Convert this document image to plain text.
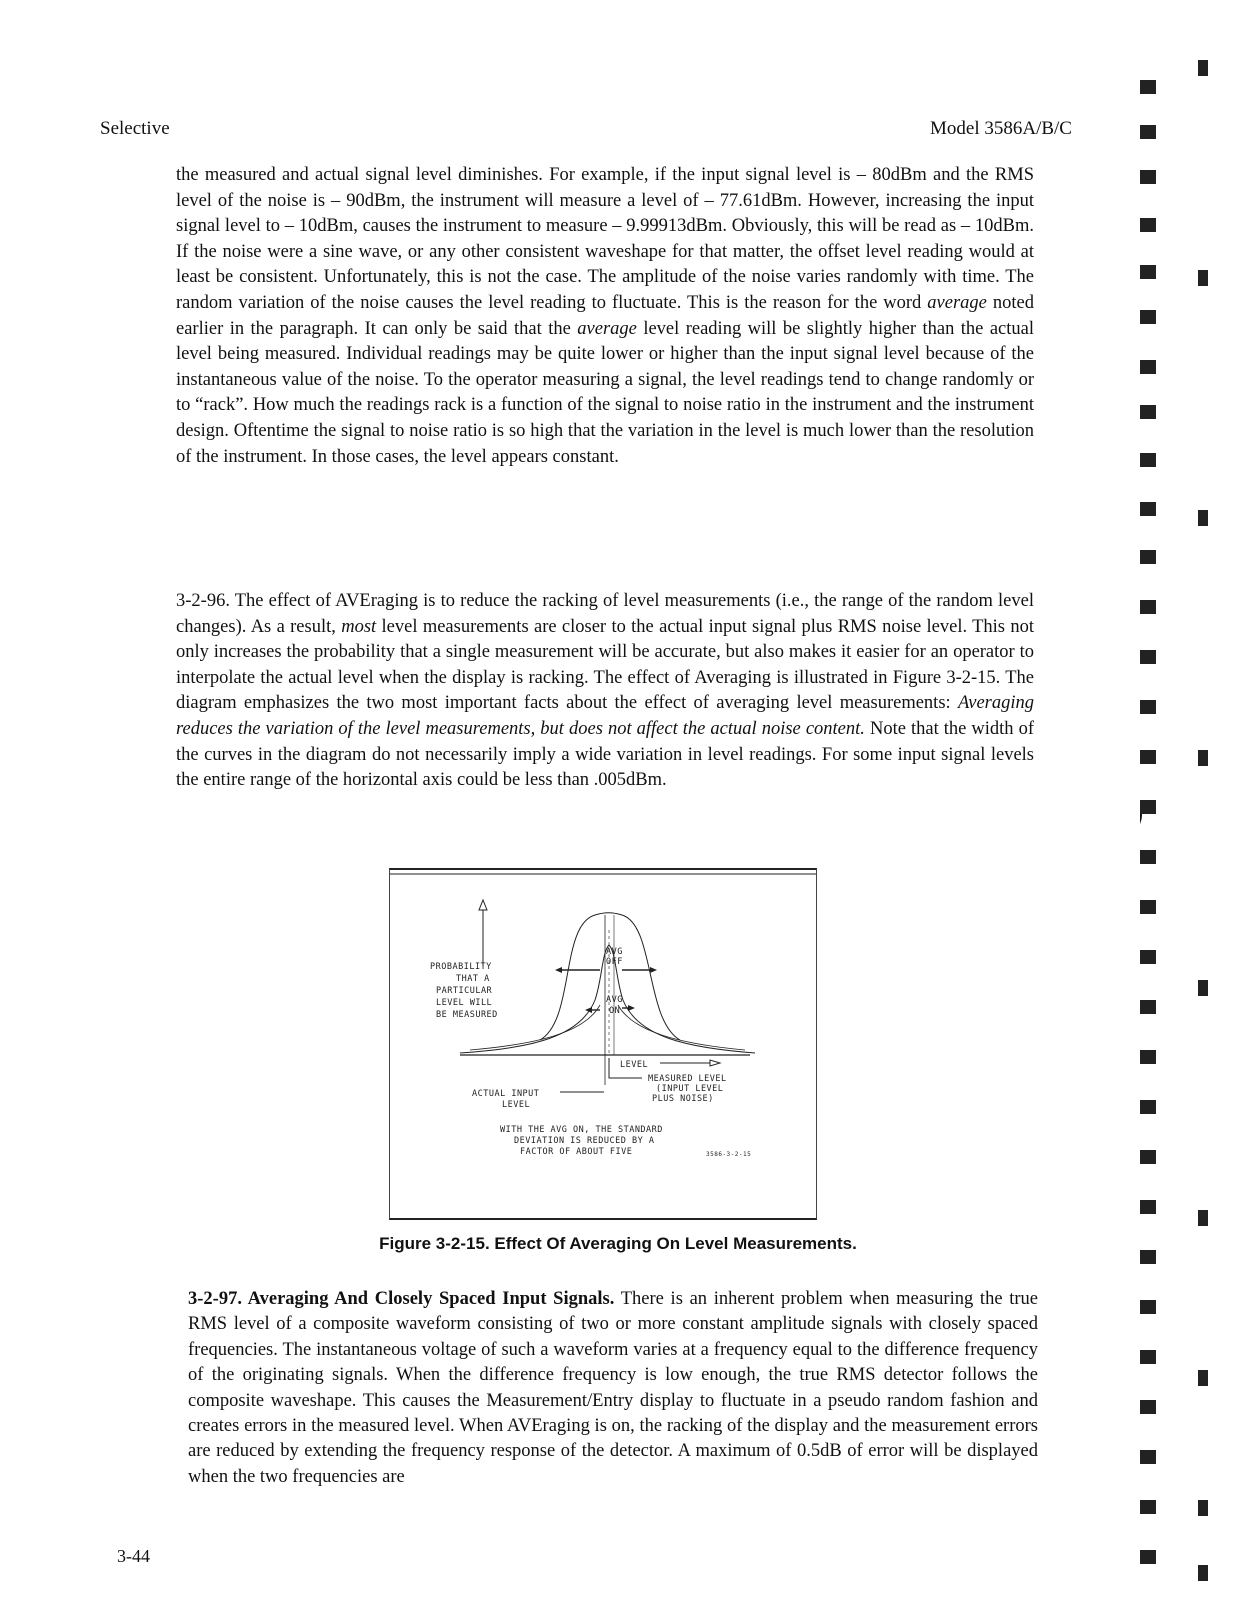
Selective	Model 3586A/B/C

the measured and actual signal level diminishes. For example, if the input signal level is – 80dBm and the RMS level of the noise is – 90dBm, the instrument will measure a level of – 77.61dBm. However, increasing the input signal level to – 10dBm, causes the instrument to measure – 9.99913dBm. Obviously, this will be read as – 10dBm. If the noise were a sine wave, or any other consistent waveshape for that matter, the offset level reading would at least be consistent. Unfortunately, this is not the case. The amplitude of the noise varies randomly with time. The random variation of the noise causes the level reading to fluctuate. This is the reason for the word average noted earlier in the paragraph. It can only be said that the average level reading will be slightly higher than the actual level being measured. Individual readings may be quite lower or higher than the input signal level because of the instantaneous value of the noise. To the operator measuring a signal, the level readings tend to change randomly or to “rack”. How much the readings rack is a function of the signal to noise ratio in the instrument and the instrument design. Oftentime the signal to noise ratio is so high that the variation in the level is much lower than the resolution of the instrument. In those cases, the level appears constant.

3-2-96. The effect of AVEraging is to reduce the racking of level measurements (i.e., the range of the random level changes). As a result, most level measurements are closer to the actual input signal plus RMS noise level. This not only increases the probability that a single measurement will be accurate, but also makes it easier for an operator to interpolate the actual level when the display is racking. The effect of Averaging is illustrated in Figure 3-2-15. The diagram emphasizes the two most important facts about the effect of averaging level measurements: Averaging reduces the variation of the level measurements, but does not affect the actual noise content. Note that the width of the curves in the diagram do not necessarily imply a wide variation in level readings. For some input signal levels the entire range of the horizontal axis could be less than .005dBm.

PROBABILITY
THAT A
PARTICULAR
LEVEL WILL
BE MEASURED
AVG
OFF
AVG
ON
LEVEL
MEASURED LEVEL
(INPUT LEVEL
PLUS NOISE)
ACTUAL INPUT
LEVEL
WITH THE AVG ON, THE STANDARD
DEVIATION IS REDUCED BY A
FACTOR OF ABOUT FIVE	3586-3-2-15
Figure 3-2-15. Effect Of Averaging On Level Measurements.

3-2-97. Averaging And Closely Spaced Input Signals. There is an inherent problem when measuring the true RMS level of a composite waveform consisting of two or more constant amplitude signals with closely spaced frequencies. The instantaneous voltage of such a waveform varies at a frequency equal to the difference frequency of the originating signals. When the difference frequency is low enough, the true RMS detector follows the composite waveshape. This causes the Measurement/Entry display to fluctuate in a pseudo random fashion and creates errors in the measured level. When AVEraging is on, the racking of the display and the measurement errors are reduced by extending the frequency response of the detector. A maximum of 0.5dB of error will be displayed when the two frequencies are

3-44
